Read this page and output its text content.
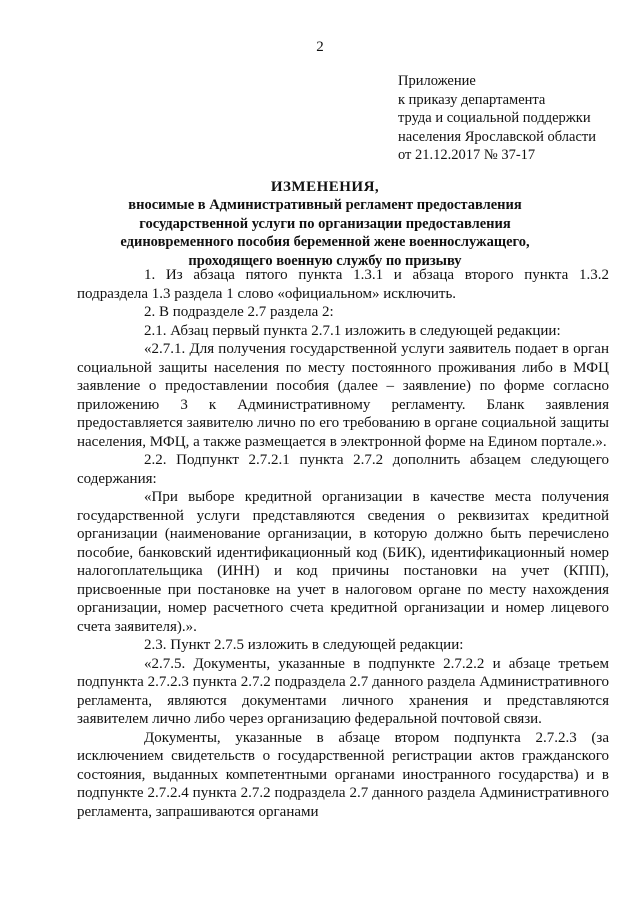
2
Приложение
к приказу департамента
труда и социальной поддержки
населения Ярославской области
от 21.12.2017 № 37-17
ИЗМЕНЕНИЯ,
вносимые в Административный регламент предоставления
государственной услуги по организации предоставления
единовременного пособия беременной жене военнослужащего,
проходящего военную службу по призыву

1. Из абзаца пятого пункта 1.3.1 и абзаца второго пункта 1.3.2 подраздела 1.3 раздела 1 слово «официальном» исключить.

2. В подразделе 2.7 раздела 2:

2.1. Абзац первый пункта 2.7.1 изложить в следующей редакции:

«2.7.1. Для получения государственной услуги заявитель подает в орган социальной защиты населения по месту постоянного проживания либо в МФЦ заявление о предоставлении пособия (далее – заявление) по форме согласно приложению 3 к Административному регламенту. Бланк заявления предоставляется заявителю лично по его требованию в органе социальной защиты населения, МФЦ, а также размещается в электронной форме на Едином портале.».

2.2. Подпункт 2.7.2.1 пункта 2.7.2 дополнить абзацем следующего содержания:

«При выборе кредитной организации в качестве места получения государственной услуги представляются сведения о реквизитах кредитной организации (наименование организации, в которую должно быть перечислено пособие, банковский идентификационный код (БИК), идентификационный номер налогоплательщика (ИНН) и код причины постановки на учет (КПП), присвоенные при постановке на учет в налоговом органе по месту нахождения организации, номер расчетного счета кредитной организации и номер лицевого счета заявителя).».

2.3. Пункт 2.7.5 изложить в следующей редакции:

«2.7.5. Документы, указанные в подпункте 2.7.2.2 и абзаце третьем подпункта 2.7.2.3 пункта 2.7.2 подраздела 2.7 данного раздела Административного регламента, являются документами личного хранения и представляются заявителем лично либо через организацию федеральной почтовой связи.

Документы, указанные в абзаце втором подпункта 2.7.2.3 (за исключением свидетельств о государственной регистрации актов гражданского состояния, выданных компетентными органами иностранного государства) и в подпункте 2.7.2.4 пункта 2.7.2 подраздела 2.7 данного раздела Административного регламента, запрашиваются органами
